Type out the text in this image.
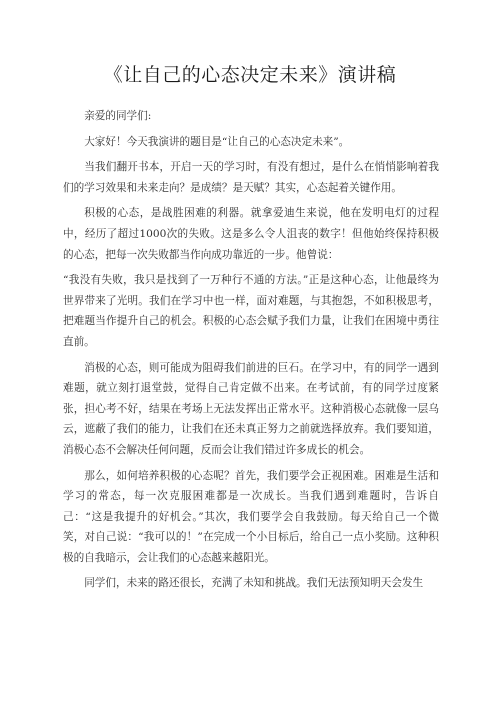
《让自己的心态决定未来》演讲稿

亲爱的同学们:

大家好！今天我演讲的题目是“让自己的心态决定未来”。

当我们翻开书本，开启一天的学习时，有没有想过，是什么在悄悄影响着我们的学习效果和未来走向？是成绩？是天赋？其实，心态起着关键作用。

积极的心态，是战胜困难的利器。就拿爱迪生来说，他在发明电灯的过程中，经历了超过1000次的失败。这是多么令人沮丧的数字！但他始终保持积极的心态，把每一次失败都当作向成功靠近的一步。他曾说：

“我没有失败，我只是找到了一万种行不通的方法。”正是这种心态，让他最终为世界带来了光明。我们在学习中也一样，面对难题，与其抱怨，不如积极思考，把难题当作提升自己的机会。积极的心态会赋予我们力量，让我们在困境中勇往直前。

消极的心态，则可能成为阻碍我们前进的巨石。在学习中，有的同学一遇到难题，就立刻打退堂鼓，觉得自己肯定做不出来。在考试前，有的同学过度紧张，担心考不好，结果在考场上无法发挥出正常水平。这种消极心态就像一层乌云，遮蔽了我们的能力，让我们在还未真正努力之前就选择放弃。我们要知道，消极心态不会解决任何问题，反而会让我们错过许多成长的机会。

那么，如何培养积极的心态呢？首先，我们要学会正视困难。困难是生活和学习的常态，每一次克服困难都是一次成长。当我们遇到难题时，告诉自己：“这是我提升的好机会。”其次，我们要学会自我鼓励。每天给自己一个微笑，对自己说：“我可以的！”在完成一个小目标后，给自己一点小奖励。这种积极的自我暗示，会让我们的心态越来越阳光。

同学们，未来的路还很长，充满了未知和挑战。我们无法预知明天会发生
